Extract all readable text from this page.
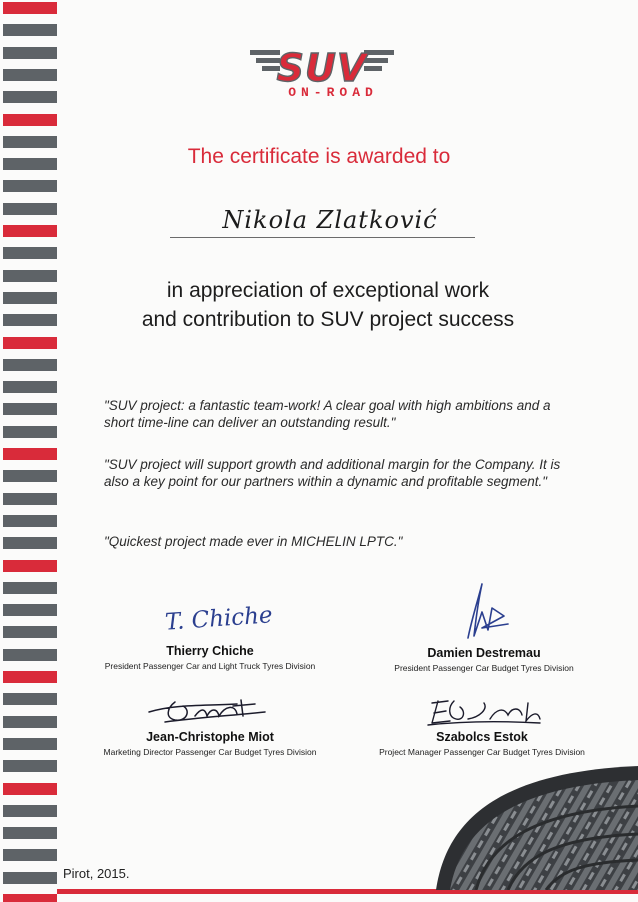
SUV
ON-ROAD
The certificate is awarded to
Nikola Zlatković
in appreciation of exceptional work
and contribution to SUV project success
"SUV project: a fantastic team-work! A clear goal with high ambitions and a short time-line can deliver an outstanding result."
"SUV project will support growth and additional margin for the Company. It is also a key point for our partners within a dynamic and profitable segment."
"Quickest project made ever in MICHELIN LPTC."
T. Chiche
Thierry Chiche
President Passenger Car and Light Truck Tyres Division
Damien Destremau
President Passenger Car Budget Tyres Division
Jean-Christophe Miot
Marketing Director Passenger Car Budget Tyres Division
Szabolcs Estok
Project Manager Passenger Car Budget Tyres Division
Pirot, 2015.
